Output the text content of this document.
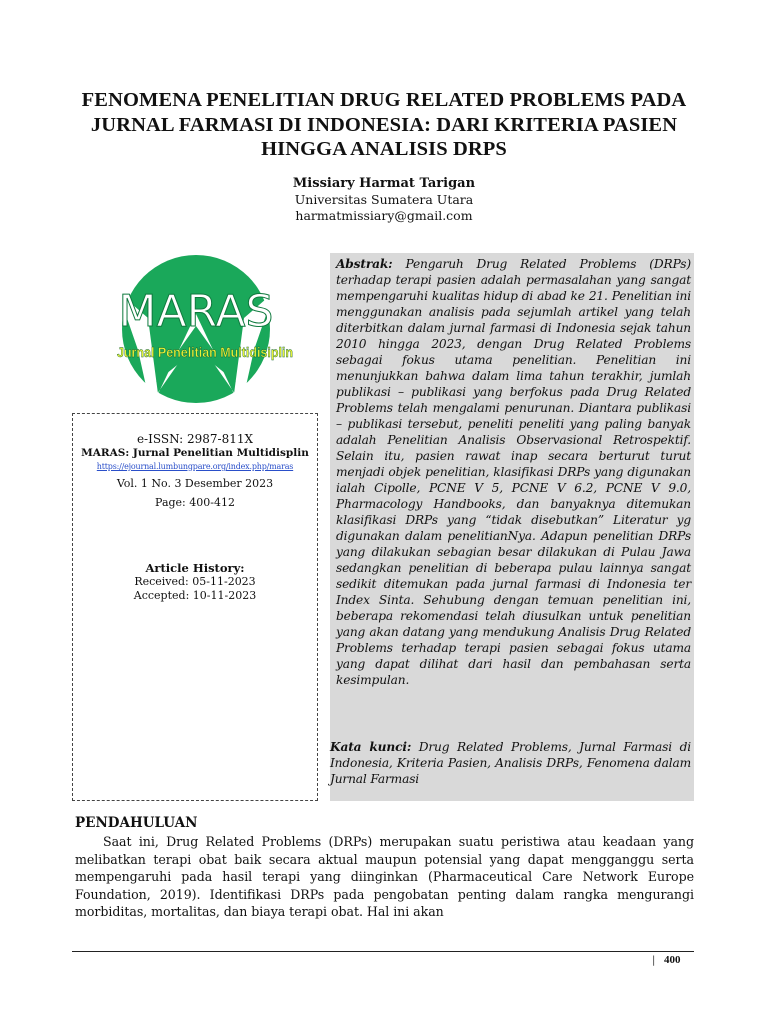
FENOMENA PENELITIAN DRUG RELATED PROBLEMS PADA JURNAL FARMASI DI INDONESIA: DARI KRITERIA PASIEN HINGGA ANALISIS DRPS
Missiary Harmat Tarigan
Universitas Sumatera Utara
harmatmissiary@gmail.com
MARAS
Jurnal Penelitian Multidisiplin
e-ISSN: 2987-811X
MARAS: Jurnal Penelitian Multidisplin
https://ejournal.lumbungpare.org/index.php/maras
Vol. 1 No. 3 Desember 2023
Page: 400-412
Article History:
Received: 05-11-2023
Accepted: 10-11-2023
Abstrak: Pengaruh Drug Related Problems (DRPs) terhadap terapi pasien adalah permasalahan yang sangat mempengaruhi kualitas hidup di abad ke 21. Penelitian ini menggunakan analisis pada sejumlah artikel yang telah diterbitkan dalam jurnal farmasi di Indonesia sejak tahun 2010 hingga 2023, dengan Drug Related Problems sebagai fokus utama penelitian. Penelitian ini menunjukkan bahwa dalam lima tahun terakhir, jumlah publikasi – publikasi yang berfokus pada Drug Related Problems telah mengalami penurunan. Diantara publikasi – publikasi tersebut, peneliti peneliti yang paling banyak adalah Penelitian Analisis Observasional Retrospektif. Selain itu, pasien rawat inap secara berturut turut menjadi objek penelitian, klasifikasi DRPs yang digunakan ialah Cipolle, PCNE V 5, PCNE V 6.2, PCNE V 9.0, Pharmacology Handbooks, dan banyaknya ditemukan klasifikasi DRPs yang “tidak disebutkan” Literatur yg digunakan dalam penelitianNya. Adapun penelitian DRPs yang dilakukan sebagian besar dilakukan di Pulau Jawa sedangkan penelitian di beberapa pulau lainnya sangat sedikit ditemukan pada jurnal farmasi di Indonesia ter Index Sinta. Sehubung dengan temuan penelitian ini, beberapa rekomendasi telah diusulkan untuk penelitian yang akan datang yang mendukung Analisis Drug Related Problems terhadap terapi pasien sebagai fokus utama yang dapat dilihat dari hasil dan pembahasan serta kesimpulan.
Kata kunci: Drug Related Problems, Jurnal Farmasi di Indonesia, Kriteria Pasien, Analisis DRPs, Fenomena dalam Jurnal Farmasi
PENDAHULUAN

Saat ini, Drug Related Problems (DRPs) merupakan suatu peristiwa atau keadaan yang melibatkan terapi obat baik secara aktual maupun potensial yang dapat mengganggu serta mempengaruhi pada hasil terapi yang diinginkan (Pharmaceutical Care Network Europe Foundation, 2019). Identifikasi DRPs pada pengobatan penting dalam rangka mengurangi morbiditas, mortalitas, dan biaya terapi obat. Hal ini akan

| 400
